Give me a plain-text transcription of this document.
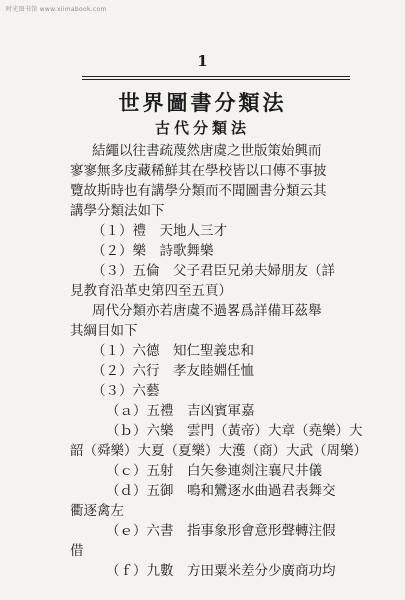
时光图书馆 www.xiimabook.com
1
世界圖書分類法
古代分類法
結繩以往書疏蔑然唐虞之世版策始興而
寥寥無多庋藏稀鮮其在學校皆以口傳不事披
覽故斯時也有講學分類而不聞圖書分類云其
講學分類法如下
（１）禮　天地人三才
（２）樂　詩歌舞樂
（３）五倫　父子君臣兄弟夫婦朋友（詳
見教育沿革史第四至五頁）
周代分類亦若唐虞不過畧爲詳備耳茲舉
其綱目如下
（１）六德　知仁聖義忠和
（２）六行　孝友睦婣任恤
（３）六藝
（ａ）五禮　吉凶賓軍嘉
（ｂ）六樂　雲門（黃帝）大章（堯樂）大
韶（舜樂）大夏（夏樂）大濩（商）大武（周樂）
（ｃ）五射　白矢參連剡注襄尺井儀
（ｄ）五御　鳴和鸞逐水曲過君表舞交
衢逐禽左
（ｅ）六書　指事象形會意形聲轉注假
借
（ｆ）九數　方田粟米差分少廣商功均
